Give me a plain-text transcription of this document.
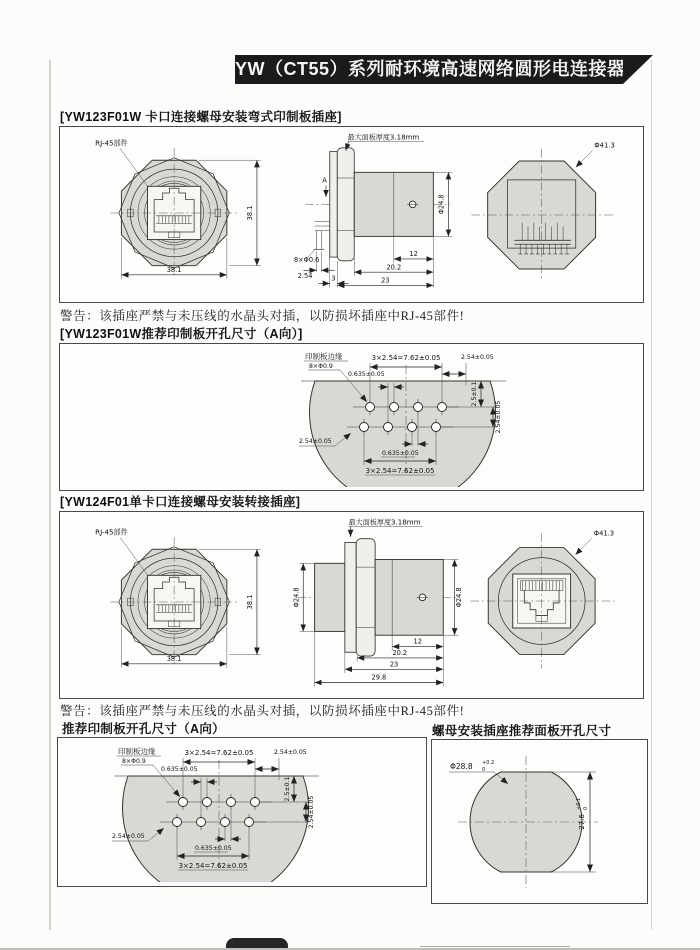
YW（CT55）系列耐环境高速网络圆形电连接器
[YW123F01W 卡口连接螺母安装弯式印制板插座]
38.1
38.1
RJ-45部件
最大面板厚度3.18mm
A
8×Φ0.6
2.54	3
12
20.2
23
Φ24.8
Φ41.3
警告：该插座严禁与未压线的水晶头对插，以防损坏插座中RJ-45部件!
[YW123F01W推荐印制板开孔尺寸（A向）]
3×2.54=7.62±0.05	2.54±0.05
0.635±0.05
印制板边缘
8×Φ0.9
2.54±0.05
0.635±0.05
3×2.54=7.62±0.05
2.5±0.1
2.54±0.05
[YW124F01单卡口连接螺母安装转接插座]
38.1
38.1
RJ-45部件
最大面板厚度3.18mm
Φ24.8	Φ24.8
12
20.2
23
29.8
Φ41.3
警告：该插座严禁与未压线的水晶头对插，以防损坏插座中RJ-45部件!
推荐印制板开孔尺寸（A向）	螺母安装插座推荐面板开孔尺寸
3×2.54=7.62±0.05	2.54±0.05
0.635±0.05
印制板边缘
8×Φ0.9
2.54±0.05
0.635±0.05
3×2.54=7.62±0.05
2.5±0.1
2.54±0.05
Φ28.8 +0.2
0
27.6
+0.1 0
